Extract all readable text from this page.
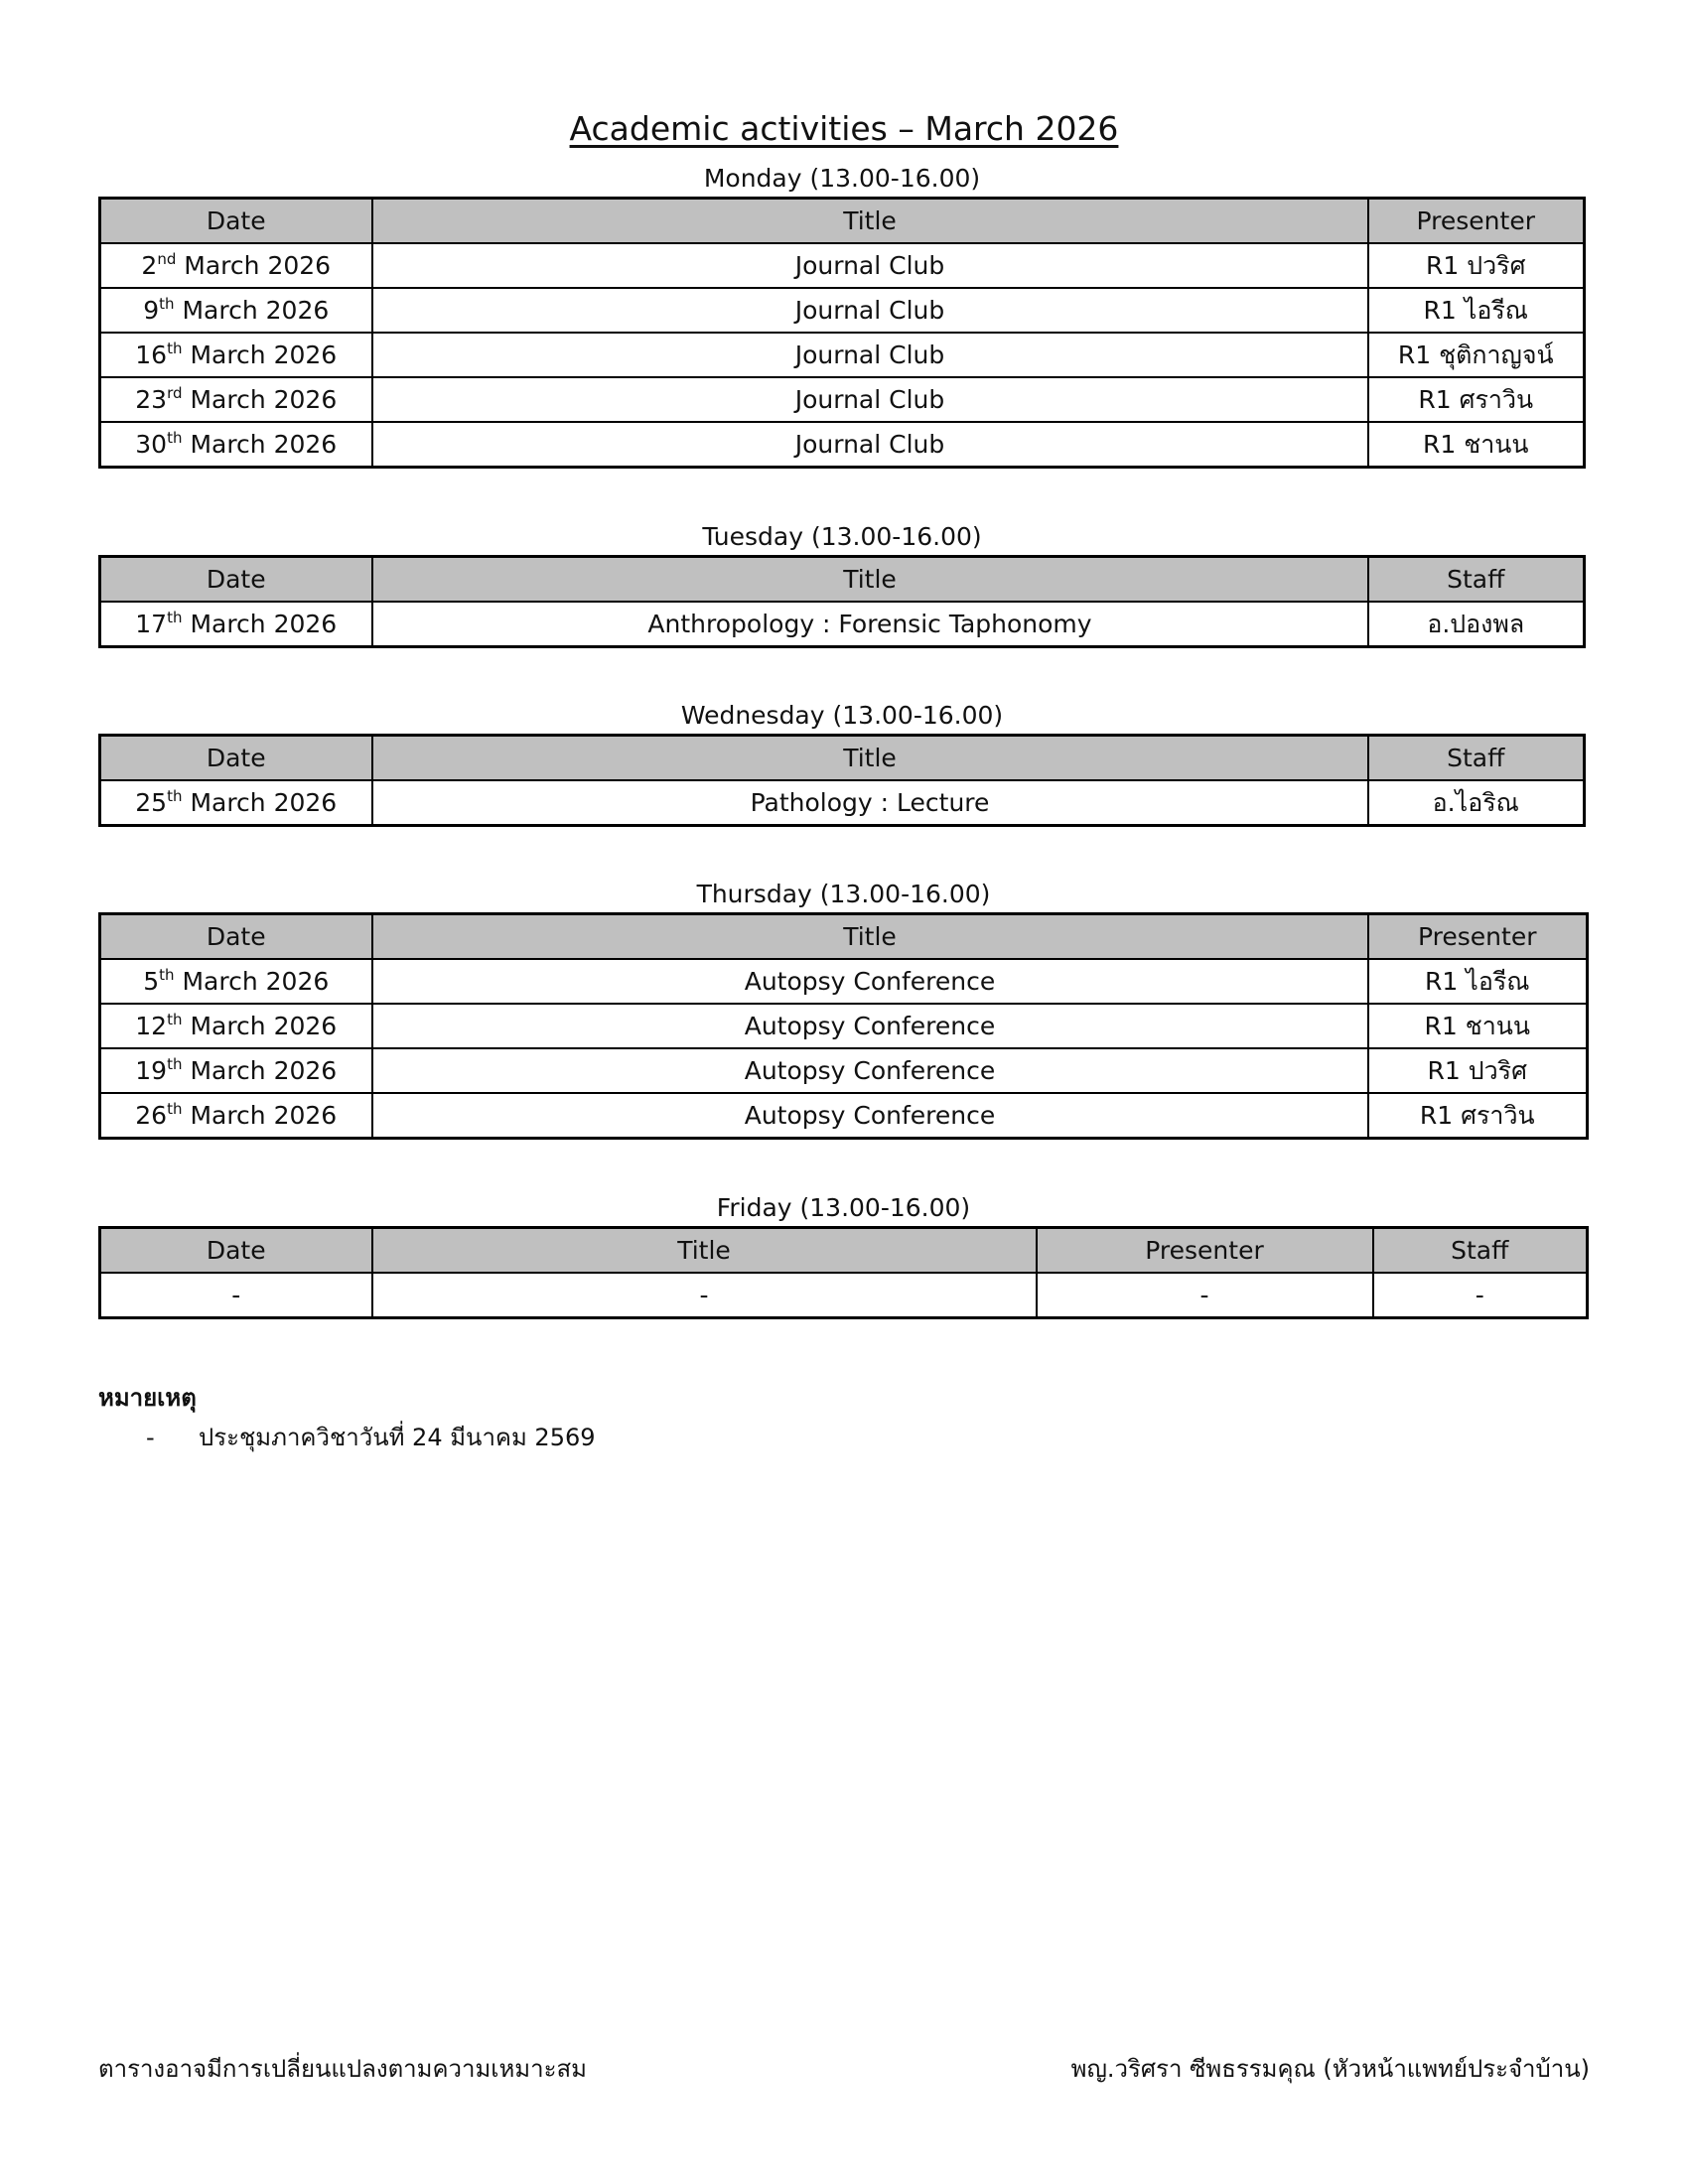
Academic activities – March 2026
Monday (13.00-16.00)
Date	Title	Presenter
2nd March 2026	Journal Club	R1 ปวริศ
9th March 2026	Journal Club	R1 ไอรีณ
16th March 2026	Journal Club	R1 ชุติกาญจน์
23rd March 2026	Journal Club	R1 ศราวิน
30th March 2026	Journal Club	R1 ชานน
Tuesday (13.00-16.00)
Date	Title	Staff
17th March 2026	Anthropology : Forensic Taphonomy	อ.ปองพล
Wednesday (13.00-16.00)
Date	Title	Staff
25th March 2026	Pathology : Lecture	อ.ไอริณ
Thursday (13.00-16.00)
Date	Title	Presenter
5th March 2026	Autopsy Conference	R1 ไอรีณ
12th March 2026	Autopsy Conference	R1 ชานน
19th March 2026	Autopsy Conference	R1 ปวริศ
26th March 2026	Autopsy Conference	R1 ศราวิน
Friday (13.00-16.00)
Date	Title	Presenter	Staff
-	-	-	-
หมายเหตุ
- ประชุมภาควิชาวันที่ 24 มีนาคม 2569
ตารางอาจมีการเปลี่ยนแปลงตามความเหมาะสม	พญ.วริศรา ซีพธรรมคุณ (หัวหน้าแพทย์ประจำบ้าน)
